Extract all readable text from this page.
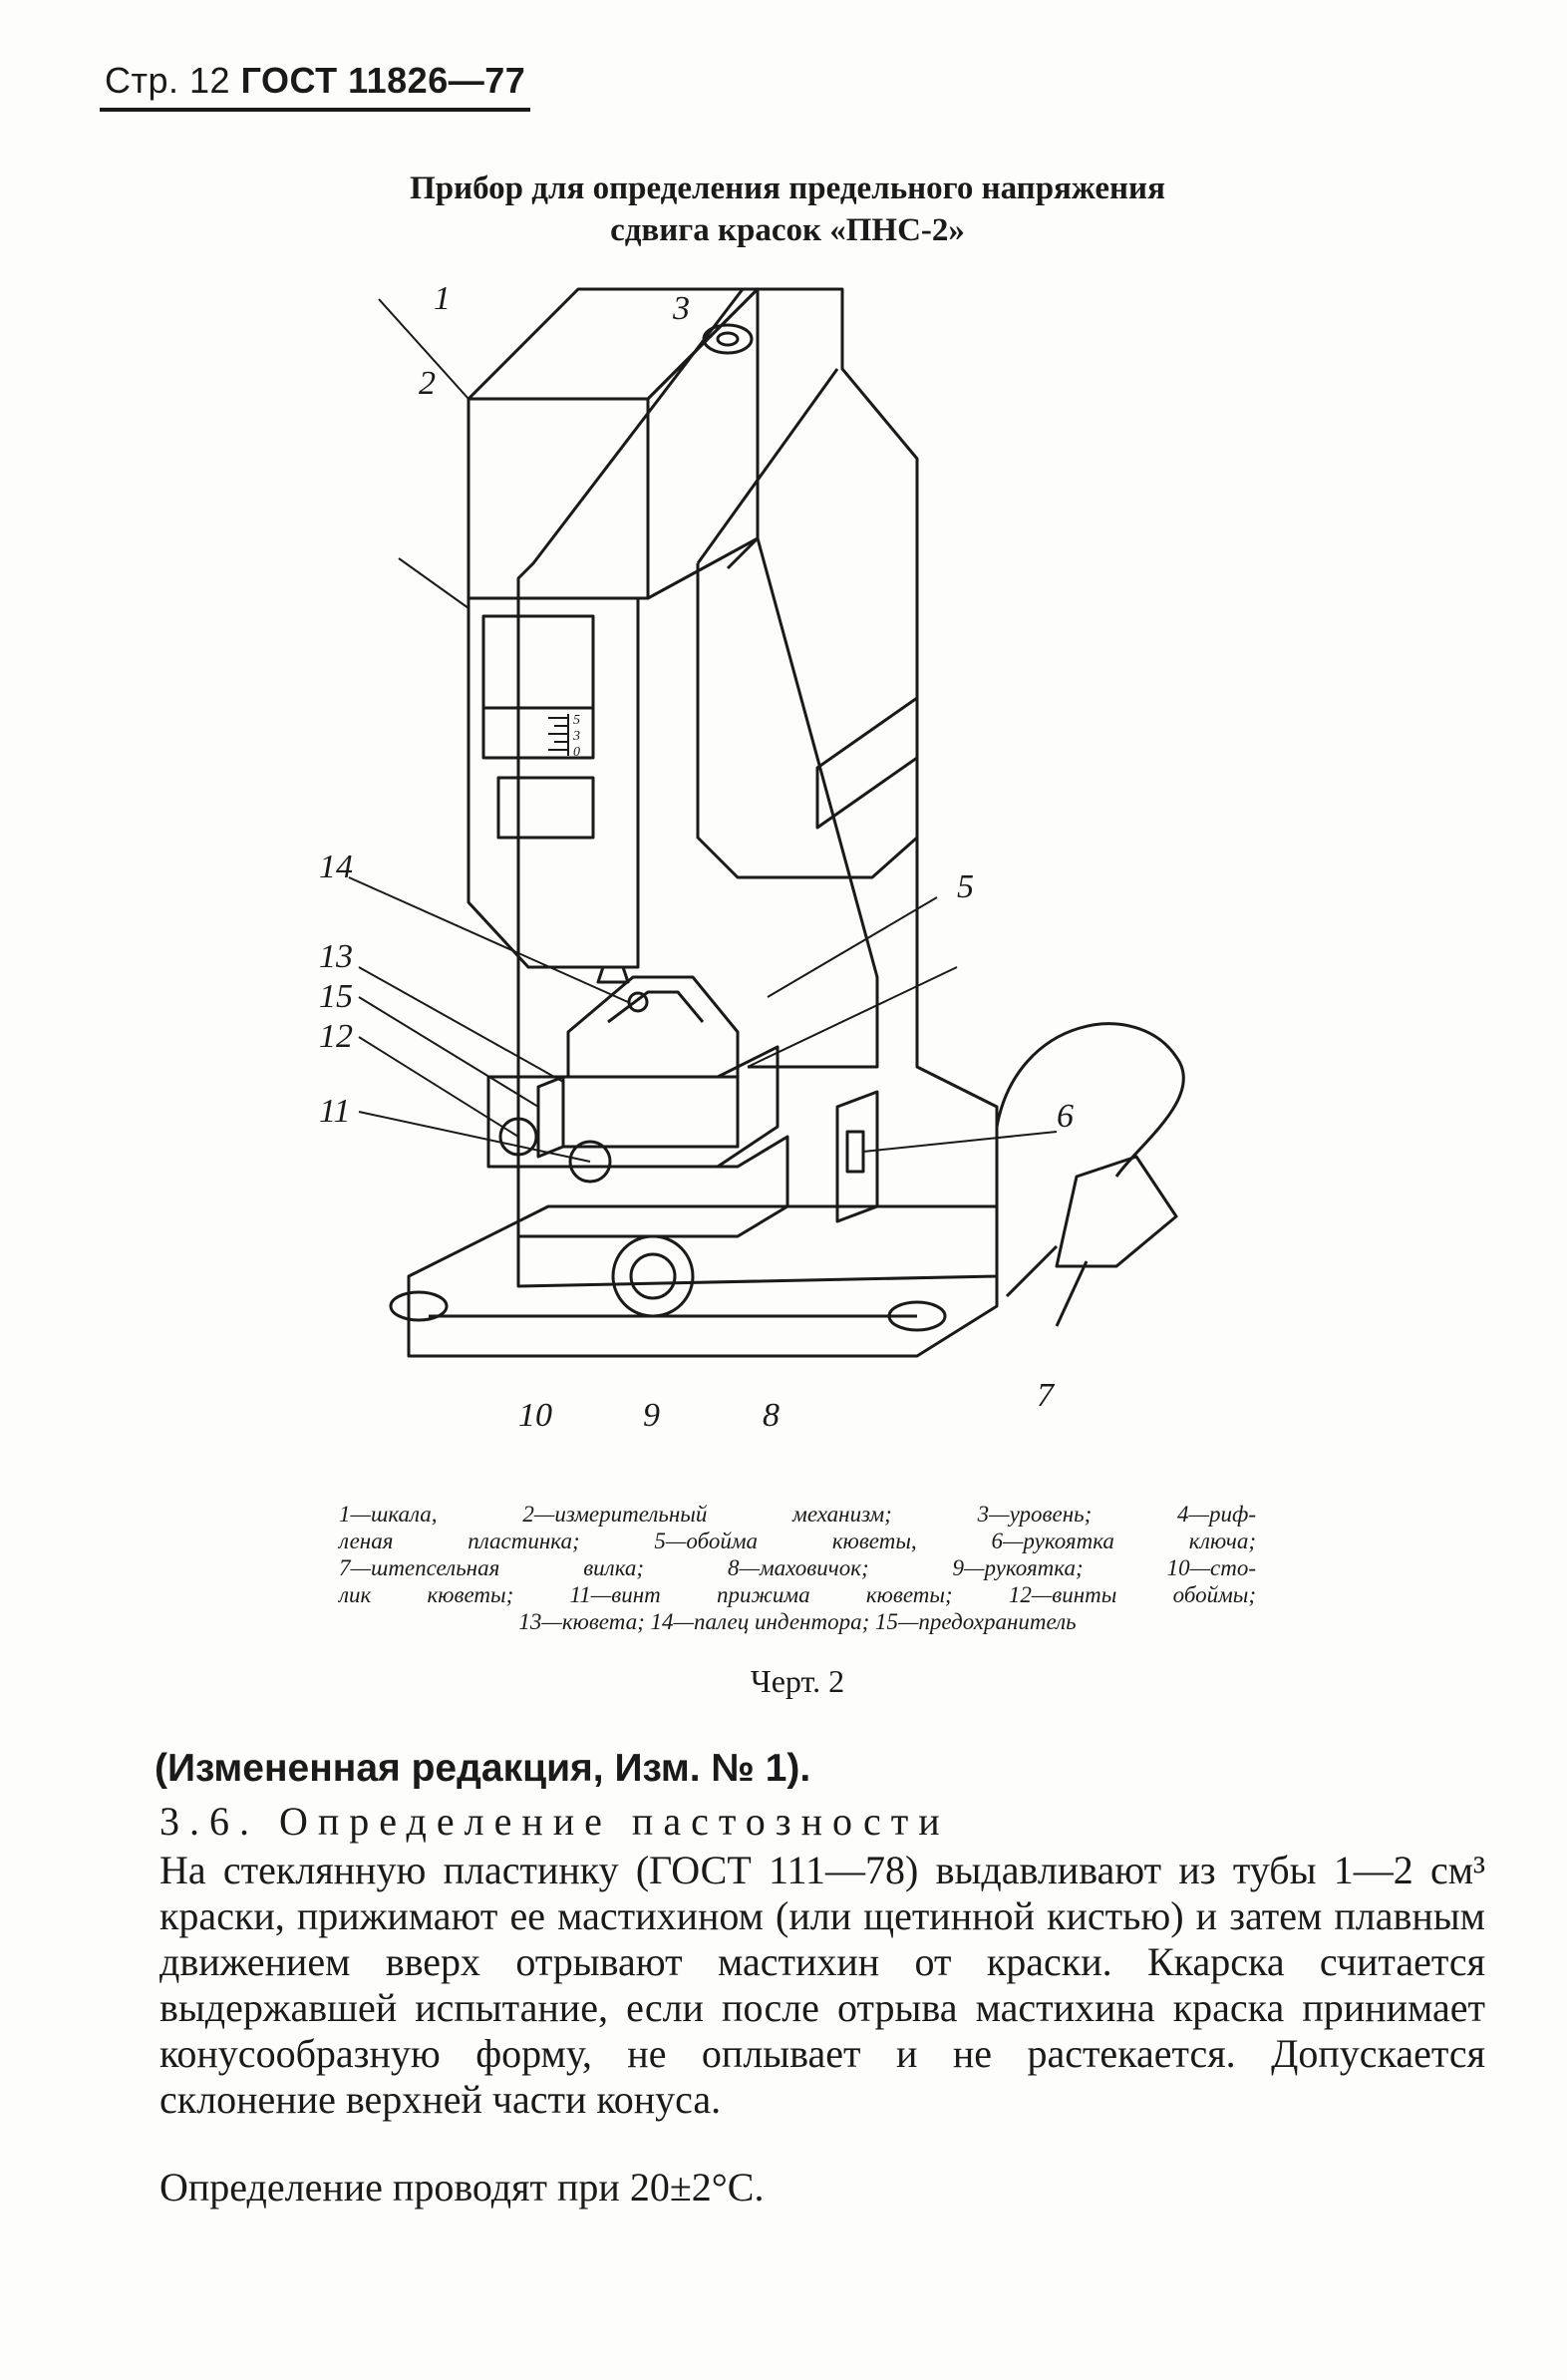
Стр. 12 ГОСТ 11826—77
Прибор для определения предельного напряжения
сдвига красок «ПНС-2»
5
3
0
1
2
3
14
13
15
12
11
10	9	8
7
6
5
1—шкала, 2—измерительный механизм; 3—уровень; 4—риф-
леная пластинка; 5—обойма кюветы, 6—рукоятка ключа;
7—штепсельная вилка; 8—маховичок; 9—рукоятка; 10—сто-
лик кюветы; 11—винт прижима кюветы; 12—винты обоймы;
13—кювета; 14—палец индентора; 15—предохранитель
Черт. 2
(Измененная редакция, Изм. № 1).
3.6. Определение пастозности
На стеклянную пластинку (ГОСТ 111—78) выдавливают из тубы 1—2 см³ краски, прижимают ее мастихином (или щетинной кистью) и затем плавным движением вверх отрывают мастихин от краски. Ккарска считается выдержавшей испытание, если после отрыва мастихина краска принимает конусообразную форму, не оплывает и не растекается. Допускается склонение верхней части конуса.
Определение проводят при 20±2°С.
